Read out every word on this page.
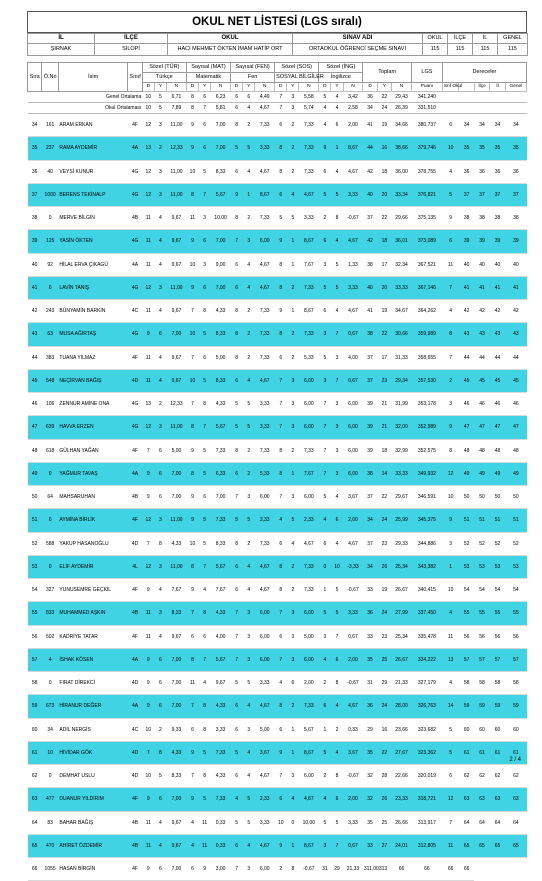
OKUL NET LİSTESİ (LGS sıralı)
İL	İLÇE	OKUL	SINAV ADI	OKUL	İLÇE	İL	GENEL
ŞIRNAK	SİLOPİ	HACI MEHMET ÖKTEN İMAM HATİP ORT	ORTAOKUL ÖĞRENCİ SEÇME SINAVI	115	115	115	115
Sıra	Ö.No	İsim	Sınıf	Sözel (TÜR)			Sayısal (MAT)			Sayısal (FEN)			Sözel (SOS)			Sözel (İNG)			Toplam			LGS	Dereceler				
				Türkçe			Matematik			Fen			SOSYAL BİLGİLER			İngilizce											
				D	Y	N	D	Y	N	D	Y	N	D	Y	N	D	Y	N	D	Y	N	Puanı	Snf Okul		İlçe	İl	Genel
Genel Ortalama				10	5	6,71	8	6	6,23	6	6	4,49	7	3	5,58	5	4	3,42	36	22	29,43	341,240					
Okul Ortalaması				10	5	7,89	8	7	5,81	6	4	4,67	7	3	5,74	4	4	2,58	34	24	26,39	331,510					
34	161	ARAM ERKAN	4F	12	3	11,00	9	6	7,00	8	2	7,33	6	2	7,33	4	6	2,00	41	19	34,66	380,737	6	34	34	34	34
35	237	RAMA AYDEMİR	4A	13	2	12,33	9	6	7,00	5	5	3,33	8	2	7,33	9	1	8,67	44	16	38,66	379,746	10	35	35	35	35
36	40	VEYSİ KUNUR	4G	12	3	11,00	10	5	8,33	6	4	4,67	8	2	7,33	6	4	4,67	42	18	36,00	378,755	4	36	36	36	36
37	1000	BERENS TEKİNALP	4G	12	3	11,00	8	7	5,67	9	1	8,67	6	4	4,67	5	5	3,33	40	20	33,34	376,821	5	37	37	37	37
38	0	MERVE BİLGİN	4B	11	4	9,67	11	3	10,00	8	2	7,33	5	5	3,33	2	8	-0,67	37	22	29,66	375,135	9	38	38	38	38
39	125	YASİN ÖKTEN	4G	11	4	9,67	9	6	7,00	7	3	6,00	9	1	8,67	6	4	4,67	42	18	36,01	373,089	6	39	39	39	39
40	92	HİLAL ERVA ÇIKAGÜ	4A	11	4	9,67	10	3	9,00	6	4	4,67	8	1	7,67	3	5	1,33	38	17	32,34	367,521	11	40	40	40	40
41	0	LAVİN TANIŞ	4G	12	3	11,00	9	6	7,00	6	4	4,67	8	2	7,33	5	5	3,33	40	20	33,33	367,146	7	41	41	41	41
42	243	BÜNYAMİN BARKIN	4C	11	4	9,67	7	8	4,33	8	2	7,33	9	1	8,67	6	4	4,67	41	19	34,67	364,262	4	42	42	42	42
43	63	MUSA AĞIRTAŞ	4G	9	6	7,00	10	5	8,33	8	2	7,33	8	2	7,33	3	7	0,67	38	22	30,66	359,989	8	43	43	43	43
44	383	TUANA YILMAZ	4F	11	4	9,67	7	6	5,00	8	2	7,33	6	2	5,33	5	3	4,00	37	17	31,33	358,655	7	44	44	44	44
45	548	NEÇİRVAN BAĞIŞ	4D	11	4	9,67	10	5	8,33	6	4	4,67	7	3	6,00	3	7	0,67	37	23	29,34	357,530	2	45	45	45	45
46	106	ZENNUR AMİNE ONA	4G	13	2	12,33	7	8	4,33	5	5	3,33	7	3	6,00	7	3	6,00	39	21	31,99	353,178	3	46	46	46	46
47	639	HAVVA ERZEN	4G	12	3	11,00	8	7	5,67	5	5	3,33	7	3	6,00	7	3	6,00	39	21	32,00	352,989	9	47	47	47	47
48	618	GÜLHAN YAĞAN	4F	7	6	5,00	9	5	7,33	8	2	7,33	8	2	7,33	7	3	6,00	39	18	32,99	352,575	8	48	48	48	48
49	0	YAĞMUR TAVAŞ	4A	9	6	7,00	8	5	6,33	6	2	5,33	8	1	7,67	7	3	6,00	38	14	33,33	349,932	12	49	49	49	49
50	64	MAHSARUHAN	4B	9	6	7,00	9	6	7,00	7	3	6,00	7	3	6,00	5	4	3,67	37	22	29,67	346,591	10	50	50	50	50
51	0	AYMİNA BİRLİK	4F	12	3	11,00	9	5	7,33	5	5	3,33	4	5	2,33	4	6	2,00	34	24	25,99	345,375	9	51	51	51	51
52	588	YAKUP HASANOĞLU	4D	7	8	4,33	10	5	8,33	8	2	7,33	6	4	4,67	6	4	4,67	37	23	29,33	344,886	3	52	52	52	52
53	0	ELİF AYDEMİR	4L	12	3	11,00	8	7	5,67	6	4	4,67	8	2	7,33	0	10	-3,33	34	26	25,34	343,382	1	53	53	53	53
54	327	YUNUSEMRE GEÇKİL	4F	9	4	7,67	9	4	7,67	6	4	4,67	8	2	7,33	1	5	-0,67	33	19	26,67	340,415	10	54	54	54	54
55	833	MUHAMMED AŞKIN	4B	11	3	8,33	7	8	4,33	7	3	6,00	7	3	6,00	5	5	3,33	36	24	27,99	337,450	4	55	55	55	55
56	502	KADRİYE TATAR	4F	11	4	9,67	6	6	4,00	7	3	6,00	6	3	5,00	3	7	0,67	33	23	25,34	335,478	11	56	56	56	56
57	4	İSHAK KÖSEN	4A	9	6	7,00	8	7	5,67	7	3	6,00	7	3	6,00	4	6	2,00	35	25	26,67	334,222	13	57	57	57	57
58	0	FIRAT DİREKCİ	4D	9	6	7,00	11	4	9,67	5	5	3,33	4	6	2,00	2	8	-0,67	31	29	21,33	327,179	4	58	58	58	58
59	673	HİRANUR DEĞER	4A	9	6	7,00	7	8	4,33	6	4	4,67	8	2	7,33	6	4	4,67	36	24	28,00	326,763	14	59	59	59	59
60	34	ADİL NERGİS	4C	10	2	9,33	6	8	3,33	6	3	5,00	6	1	5,67	1	2	0,33	29	16	23,66	323,682	5	60	60	60	60
61	10	HİVİDAR GÖK	4D	7	8	4,33	9	5	7,33	5	4	3,67	9	1	8,67	5	4	3,67	35	22	27,67	323,362	5	61	61	61	61
62	0	DEMHAT USLU	4D	10	5	8,33	7	8	4,33	6	4	4,67	7	3	6,00	2	8	-0,67	32	28	22,66	320,019	6	62	62	62	62
63	477	DUANUR YILDIRIM	4F	9	6	7,00	9	5	7,33	4	5	2,33	6	4	4,67	4	6	2,00	32	26	23,33	318,721	12	63	63	63	63
64	83	BAHAR BAĞIŞ	4B	11	4	9,67	4	11	0,33	5	5	3,33	10	0	10,00	5	5	3,33	35	25	26,66	313,917	7	64	64	64	64
65	470	AHİRET ÖZDEMİR	4B	11	4	9,67	4	11	0,33	6	4	4,67	9	1	8,67	3	7	0,67	33	27	24,01	312,805	11	65	65	65	65
66	1055	HASAN BİRGİN	4F	9	6	7,00	6	9	3,00	7	3	6,00	2	8	-0,67	31	29	21,33	311,003	13	66	66	66	66			
2 / 4
